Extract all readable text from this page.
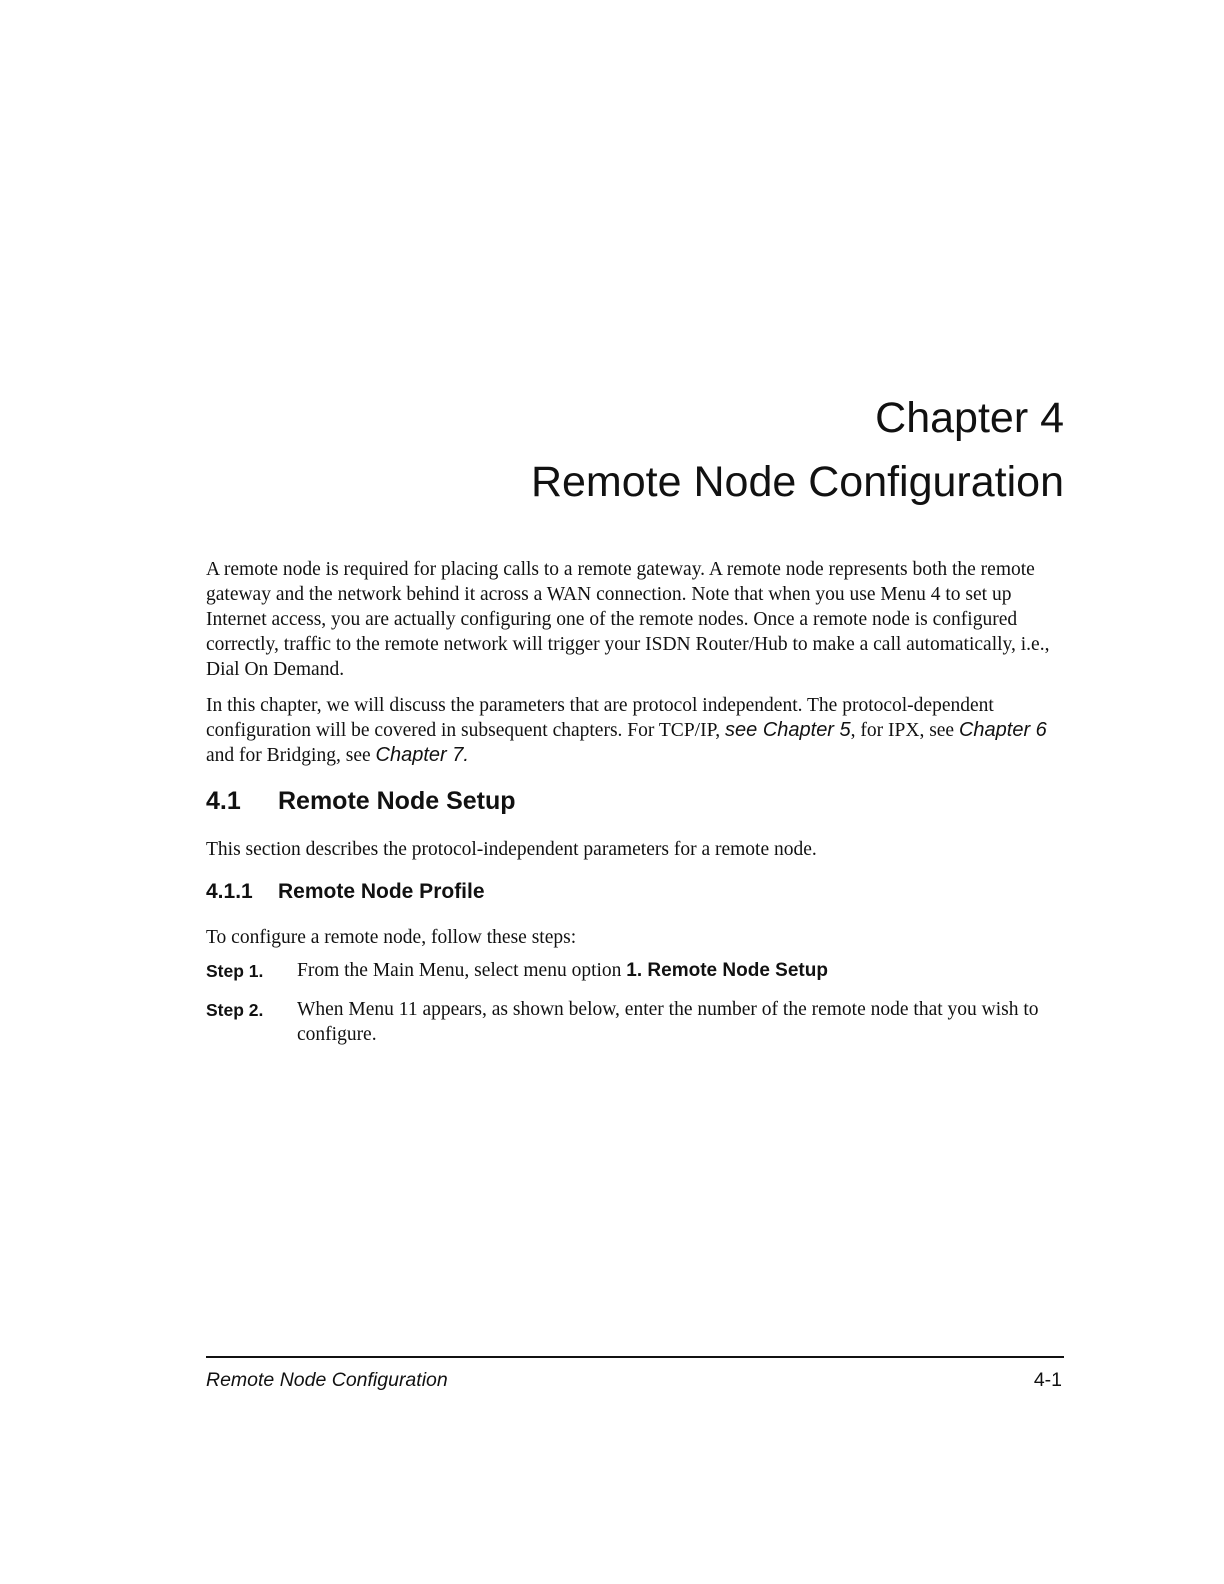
Chapter 4
Remote Node Configuration

A remote node is required for placing calls to a remote gateway. A remote node represents both the remote gateway and the network behind it across a WAN connection. Note that when you use Menu 4 to set up Internet access, you are actually configuring one of the remote nodes. Once a remote node is configured correctly, traffic to the remote network will trigger your ISDN Router/Hub to make a call automatically, i.e., Dial On Demand.

In this chapter, we will discuss the parameters that are protocol independent. The protocol-dependent configuration will be covered in subsequent chapters. For TCP/IP, see Chapter 5, for IPX, see Chapter 6 and for Bridging, see Chapter 7.

4.1 Remote Node Setup

This section describes the protocol-independent parameters for a remote node.

4.1.1 Remote Node Profile

To configure a remote node, follow these steps:

Step 1. From the Main Menu, select menu option 1. Remote Node Setup
Step 2. When Menu 11 appears, as shown below, enter the number of the remote node that you wish to configure.
Remote Node Configuration	4-1
